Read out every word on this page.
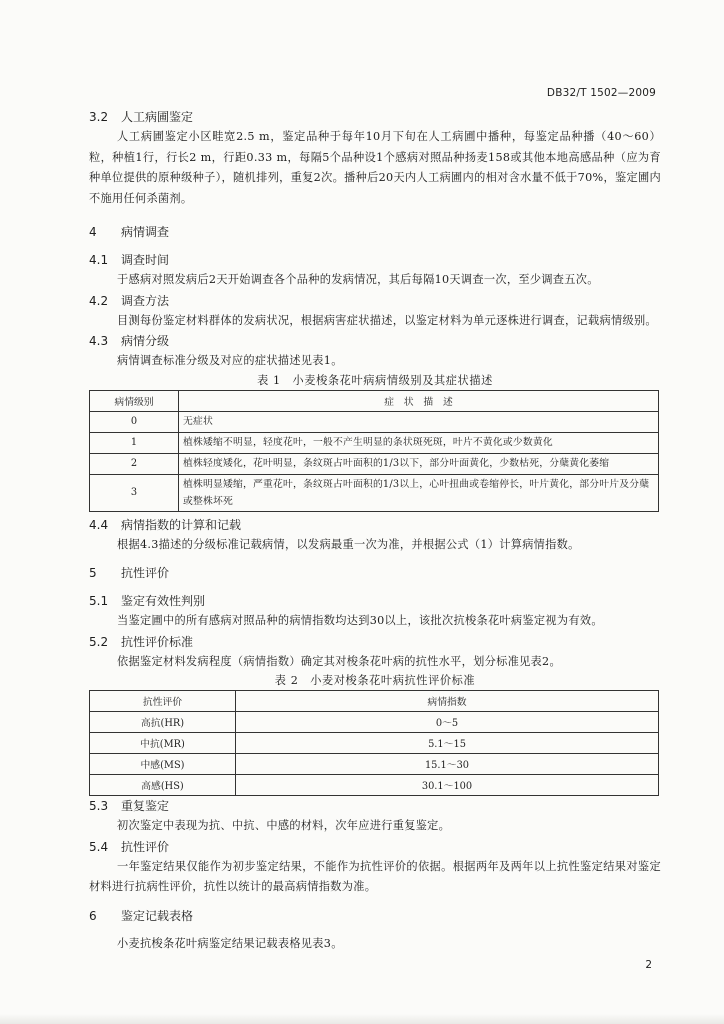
DB32/T 1502—2009

3.2 人工病圃鉴定

人工病圃鉴定小区畦宽2.5 m，鉴定品种于每年10月下旬在人工病圃中播种，每鉴定品种播（40～60）粒，种植1行，行长2 m，行距0.33 m，每隔5个品种设1个感病对照品种扬麦158或其他本地高感品种（应为育种单位提供的原种级种子），随机排列，重复2次。播种后20天内人工病圃内的相对含水量不低于70%，鉴定圃内不施用任何杀菌剂。

4 病情调查

4.1 调查时间

于感病对照发病后2天开始调查各个品种的发病情况，其后每隔10天调查一次，至少调查五次。

4.2 调查方法

目测每份鉴定材料群体的发病状况，根据病害症状描述，以鉴定材料为单元逐株进行调查，记载病情级别。

4.3 病情分级

病情调查标准分级及对应的症状描述见表1。

表 1　小麦梭条花叶病病情级别及其症状描述

病情级别	症　状　描　述
0	无症状
1	植株矮缩不明显，轻度花叶，一般不产生明显的条状斑死斑，叶片不黄化或少数黄化
2	植株轻度矮化，花叶明显，条纹斑占叶面积的1/3以下，部分叶面黄化，少数枯死，分蘖黄化萎缩
3	植株明显矮缩，严重花叶，条纹斑占叶面积的1/3以上，心叶扭曲或卷缩停长，叶片黄化，部分叶片及分蘖或整株坏死

4.4 病情指数的计算和记载

根据4.3描述的分级标准记载病情，以发病最重一次为准，并根据公式（1）计算病情指数。

5 抗性评价

5.1 鉴定有效性判别

当鉴定圃中的所有感病对照品种的病情指数均达到30以上，该批次抗梭条花叶病鉴定视为有效。

5.2 抗性评价标准

依据鉴定材料发病程度（病情指数）确定其对梭条花叶病的抗性水平，划分标准见表2。

表 2　小麦对梭条花叶病抗性评价标准

抗性评价	病情指数
高抗(HR)	0～5
中抗(MR)	5.1～15
中感(MS)	15.1～30
高感(HS)	30.1～100

5.3 重复鉴定

初次鉴定中表现为抗、中抗、中感的材料，次年应进行重复鉴定。

5.4 抗性评价

一年鉴定结果仅能作为初步鉴定结果，不能作为抗性评价的依据。根据两年及两年以上抗性鉴定结果对鉴定材料进行抗病性评价，抗性以统计的最高病情指数为准。

6 鉴定记载表格

小麦抗梭条花叶病鉴定结果记载表格见表3。

2
